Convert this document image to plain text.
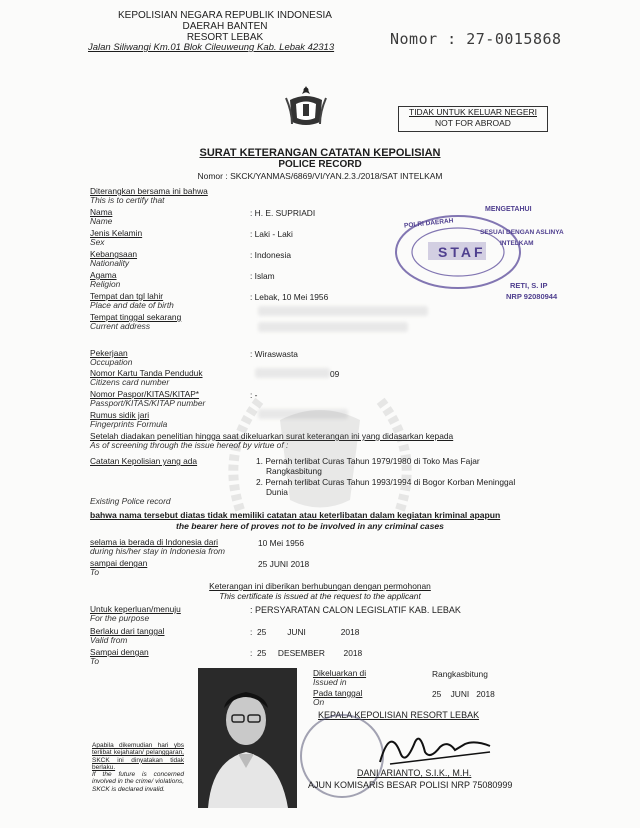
KEPOLISIAN NEGARA REPUBLIK INDONESIA
DAERAH BANTEN
RESORT LEBAK
Jalan Siliwangi Km.01 Blok Cileuweung Kab. Lebak 42313	Nomor : 27-0015868
TIDAK UNTUK KELUAR NEGERI
NOT FOR ABROAD
SURAT KETERANGAN CATATAN KEPOLISIAN
POLICE RECORD
Nomor : SKCK/YANMAS/6869/VI/YAN.2.3./2018/SAT INTELKAM
Diterangkan bersama ini bahwa
This is to certify that
Nama
Name
: H. E. SUPRIADI
Jenis Kelamin
Sex
: Laki - Laki
Kebangsaan
Nationality
: Indonesia
Agama
Religion
: Islam
Tempat dan tgl lahir
Place and date of birth
: Lebak, 10 Mei 1956
Tempat tinggal sekarang
Current address
Pekerjaan
Occupation
: Wiraswasta
Nomor Kartu Tanda Penduduk
Citizens card number
09
Nomor Paspor/KITAS/KITAP*
Passport/KITAS/KITAP number
: -
Rumus sidik jari
Fingerprints Formula
Setelah diadakan penelitian hingga saat dikeluarkan surat keterangan ini yang didasarkan kepada
As of screening through the issue hereof by virtue of :
Catatan Kepolisian yang ada	1. Pernah terlibat Curas Tahun 1979/1980 di Toko Mas Fajar
Rangkasbitung
2. Pernah terlibat Curas Tahun 1993/1994 di Bogor Korban Meninggal
Dunia
Existing Police record
bahwa nama tersebut diatas tidak memiliki catatan atau keterlibatan dalam kegiatan kriminal apapun
the bearer here of proves not to be involved in any criminal cases
selama ia berada di Indonesia dari
during his/her stay in Indonesia from
10 Mei 1956
sampai dengan
To
25 JUNI 2018
Keterangan ini diberikan berhubungan dengan permohonan
This certificate is issued at the request to the applicant
Untuk keperluan/menuju
For the purpose
: PERSYARATAN CALON LEGISLATIF KAB. LEBAK
Berlaku dari tanggal
Valid from
:  25         JUNI               2018
Sampai dengan
To
:  25     DESEMBER        2018
Dikeluarkan di
Issued in
Rangkasbitung
Pada tanggal
On
25    JUNI   2018
KEPALA KEPOLISIAN RESORT LEBAK
DANI ARIANTO, S.I.K., M.H.
AJUN KOMISARIS BESAR POLISI NRP 75080999
MENGETAHUI
POLRI DAERAH
SESUAI DENGAN ASLINYA
INTELKAM
STAF
RETI, S. IP
NRP 92080944
Apabila dikemudian hari ybs terlibat kejahatan/ pelanggaran, SKCK ini dinyatakan tidak berlaku.
If the future is concerned involved in the crime/ violations, SKCK is declared invalid.
